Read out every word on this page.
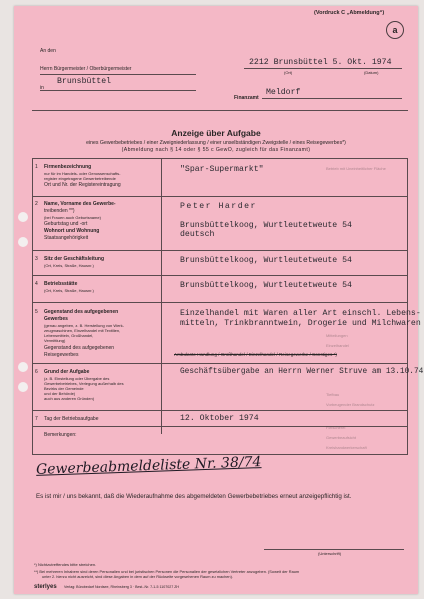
(Vordruck C „Abmeldung“)
a
An den
Herrn Bürgermeister / Oberbürgermeister
in
Brunsbüttel
2212 Brunsbüttel 5. Okt. 1974
(Ort)	(Datum)
Finanzamt
Meldorf
Anzeige über Aufgabe
eines Gewerbebetriebes / einer Zweigniederlassung / einer unselbständigen Zweigstelle / eines Reisegewerbes*)
(Abmeldung nach § 14 oder § 55 c GewO, zugleich für das Finanzamt)
1 Firmenbezeichnung
nur für im Handels- oder Genossenschafts-
register eingetragene Gewerbetreibende
Ort und Nr. der Registereintragung
"Spar-Supermarkt"
2 Name, Vorname des Gewerbe-
treibenden **)
(bei Frauen auch Geburtsname)
Geburtstag und -ort
Wohnort und Wohnung
Staatsangehörigkeit
Peter Harder
Brunsbüttelkoog, Wurtleutetweute 54
deutsch
3 Sitz der Geschäftsleitung
(Ort, Kreis, Straße, Hausnr.)
Brunsbüttelkoog, Wurtleutetweute 54
4 Betriebsstätte
(Ort, Kreis, Straße, Hausnr.)
Brunsbüttelkoog, Wurtleutetweute 54
5 Gegenstand des aufgegebenen
Gewerbes
(genau angeben, z. B. Herstellung von Werk-
zeugmaschinen, Einzelhandel mit Textilien,
Lebensmitteln, Großhandel,
Vermittlung)
Gegenstand des aufgegebenen
Reisegewerbes
Einzelhandel mit Waren aller Art einschl. Lebens-
mitteln, Trinkbranntwein, Drogerie und Milchwaren
Ambulante Handlung / Großhandel / Einzelhandel / Reisegewerbe / Sonstiges *)
6 Grund der Aufgabe
(z. B. Einstellung oder Übergabe des
Gewerbebetriebes, Verlegung außerhalb des
Bezirks der Gemeinde
und der Behörde)
auch aus anderen Gründen)
Geschäftsübergabe an Herrn Werner Struve am 13.10.74
7 Tag der Betriebsaufgabe	12. Oktober 1974
Bemerkungen:
Gewerbeabmeldeliste Nr. 38/74
Es ist mir / uns bekannt, daß die Wiederaufnahme des abgemeldeten Gewerbebetriebes erneut anzeigepflichtig ist.
(Unterschrift)
*) Nichtzutreffendes bitte streichen.
**) Bei mehreren Inhabern sind deren Personalien und bei juristischen Personen die Personalien der gesetzlichen Vertreter anzugeben. (Soweit der Raum
unter 2. hierzu nicht ausreicht, sind diese Angaben in dem auf der Rückseite vorgesehenen Raum zu machen).
sterlyes Verlag: Bürobedarf Nordsee, Rheinsberg 3 · Best.-Nr. 7-1-5 1107027 ZH
Betrieb mit Uneinheitlicher Fläche
Mitteilungen
Einzelhandel
Tiefbau
Vorbeugender Brandschutz
Fleischerei
Gewerbeaufsicht
Kreishandwerkerschaft
